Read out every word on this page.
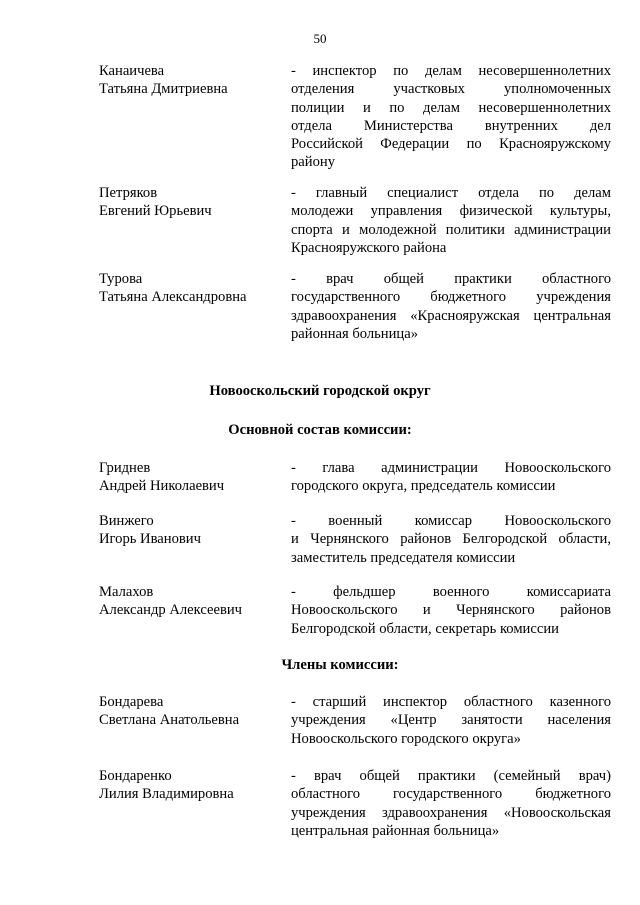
50
Канаичева
Татьяна Дмитриевна
- инспектор по делам несовершеннолетних
отделения участковых уполномоченных
полиции и по делам несовершеннолетних
отдела Министерства внутренних дел
Российской Федерации по Краснояружскому
району
Петряков
Евгений Юрьевич
- главный специалист отдела по делам
молодежи управления физической культуры,
спорта и молодежной политики администрации
Краснояружского района
Турова
Татьяна Александровна
- врач общей практики областного
государственного бюджетного учреждения
здравоохранения «Краснояружская центральная
районная больница»
Новооскольский городской округ
Основной состав комиссии:
Гриднев
Андрей Николаевич
- глава администрации Новооскольского
городского округа, председатель комиссии
Винжего
Игорь Иванович
- военный комиссар Новооскольского
и Чернянского районов Белгородской области,
заместитель председателя комиссии
Малахов
Александр Алексеевич
- фельдшер военного комиссариата
Новооскольского и Чернянского районов
Белгородской области, секретарь комиссии
Члены комиссии:
Бондарева
Светлана Анатольевна
- старший инспектор областного казенного
учреждения «Центр занятости населения
Новооскольского городского округа»
Бондаренко
Лилия Владимировна
- врач общей практики (семейный врач)
областного государственного бюджетного
учреждения здравоохранения «Новооскольская
центральная районная больница»
